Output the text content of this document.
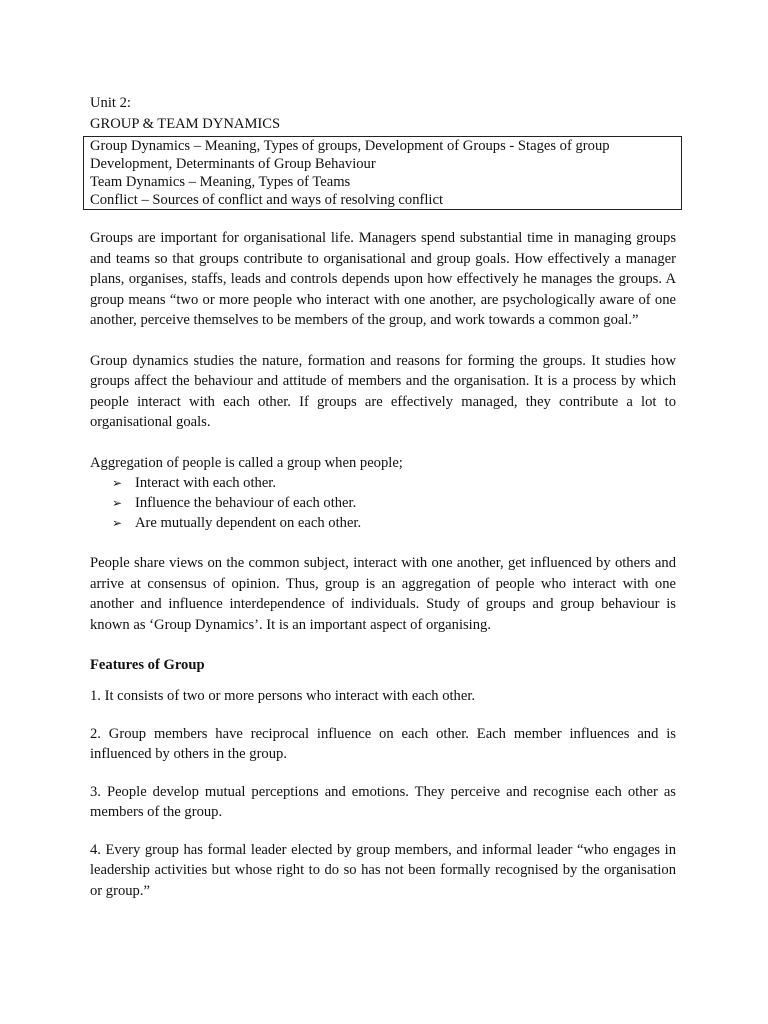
Unit 2:
GROUP & TEAM DYNAMICS
Group Dynamics – Meaning, Types of groups, Development of Groups - Stages of group
Development, Determinants of Group Behaviour
Team Dynamics – Meaning, Types of Teams
Conflict – Sources of conflict and ways of resolving conflict

Groups are important for organisational life. Managers spend substantial time in managing groups and teams so that groups contribute to organisational and group goals. How effectively a manager plans, organises, staffs, leads and controls depends upon how effectively he manages the groups. A group means “two or more people who interact with one another, are psychologically aware of one another, perceive themselves to be members of the group, and work towards a common goal.”

Group dynamics studies the nature, formation and reasons for forming the groups. It studies how groups affect the behaviour and attitude of members and the organisation. It is a process by which people interact with each other. If groups are effectively managed, they contribute a lot to organisational goals.

Aggregation of people is called a group when people;
➢ Interact with each other.
➢ Influence the behaviour of each other.
➢ Are mutually dependent on each other.

People share views on the common subject, interact with one another, get influenced by others and arrive at consensus of opinion. Thus, group is an aggregation of people who interact with one another and influence interdependence of individuals. Study of groups and group behaviour is known as ‘Group Dynamics’. It is an important aspect of organising.

Features of Group

1. It consists of two or more persons who interact with each other.

2. Group members have reciprocal influence on each other. Each member influences and is influenced by others in the group.

3. People develop mutual perceptions and emotions. They perceive and recognise each other as members of the group.

4. Every group has formal leader elected by group members, and informal leader “who engages in leadership activities but whose right to do so has not been formally recognised by the organisation or group.”
